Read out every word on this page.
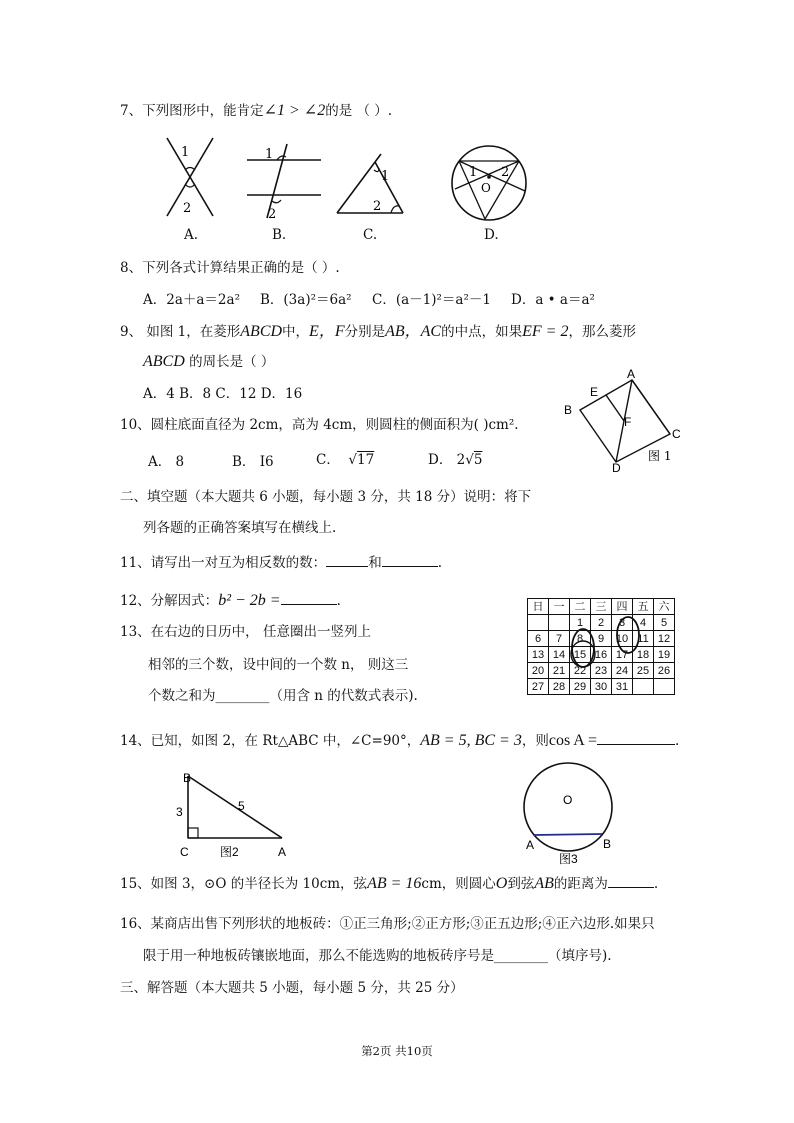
7、下列图形中，能肯定∠1 > ∠2的是 （ ）.
1
2
1
2
1
2
1 2
O
A.	B.	C.	D.
8、下列各式计算结果正确的是（ ）.
A．2a＋a＝2a² B．(3a)²＝6a² C．(a－1)²＝a²－1 D．a • a＝a²
9、 如图 1，在菱形ABCD中，E，F分别是AB，AC的中点，如果EF = 2，那么菱形
ABCD 的周长是（ ）
A．4 B．8 C．12 D．16
A
B
C
D
E
F
图 1
10、圆柱底面直径为 2cm，高为 4cm，则圆柱的侧面积为( )cm².
A． 8	B． I6	C．  √17	D． 2√5
二、填空题（本大题共 6 小题，每小题 3 分，共 18 分）说明：将下
列各题的正确答案填写在横线上.
11、请写出一对互为相反数的数：	和	.
12、分解因式：b² − 2b =	.
13、在右边的日历中， 任意圈出一竖列上
相邻的三个数，设中间的一个数 n， 则这三
个数之和为________（用含 n 的代数式表示).
日	一	二	三	四	五	六
		1	2	3	4	5
6	7	8	9	10	11	12
13	14	15	16	17	18	19
20	21	22	23	24	25	26
27	28	29	30	31		
14、已知，如图 2，在 Rt△ABC 中，∠C=90°，AB = 5, BC = 3，则cos A =	.
B
C	A
3	5
图2
O
A	B
图3
15、如图 3，⊙O 的半径长为 10cm，弦AB = 16cm，则圆心O到弦AB的距离为	.
16、某商店出售下列形状的地板砖：①正三角形;②正方形;③正五边形;④正六边形.如果只
限于用一种地板砖镶嵌地面，那么不能选购的地板砖序号是________（填序号).
三、解答题（本大题共 5 小题，每小题 5 分，共 25 分）
第2页 共10页
